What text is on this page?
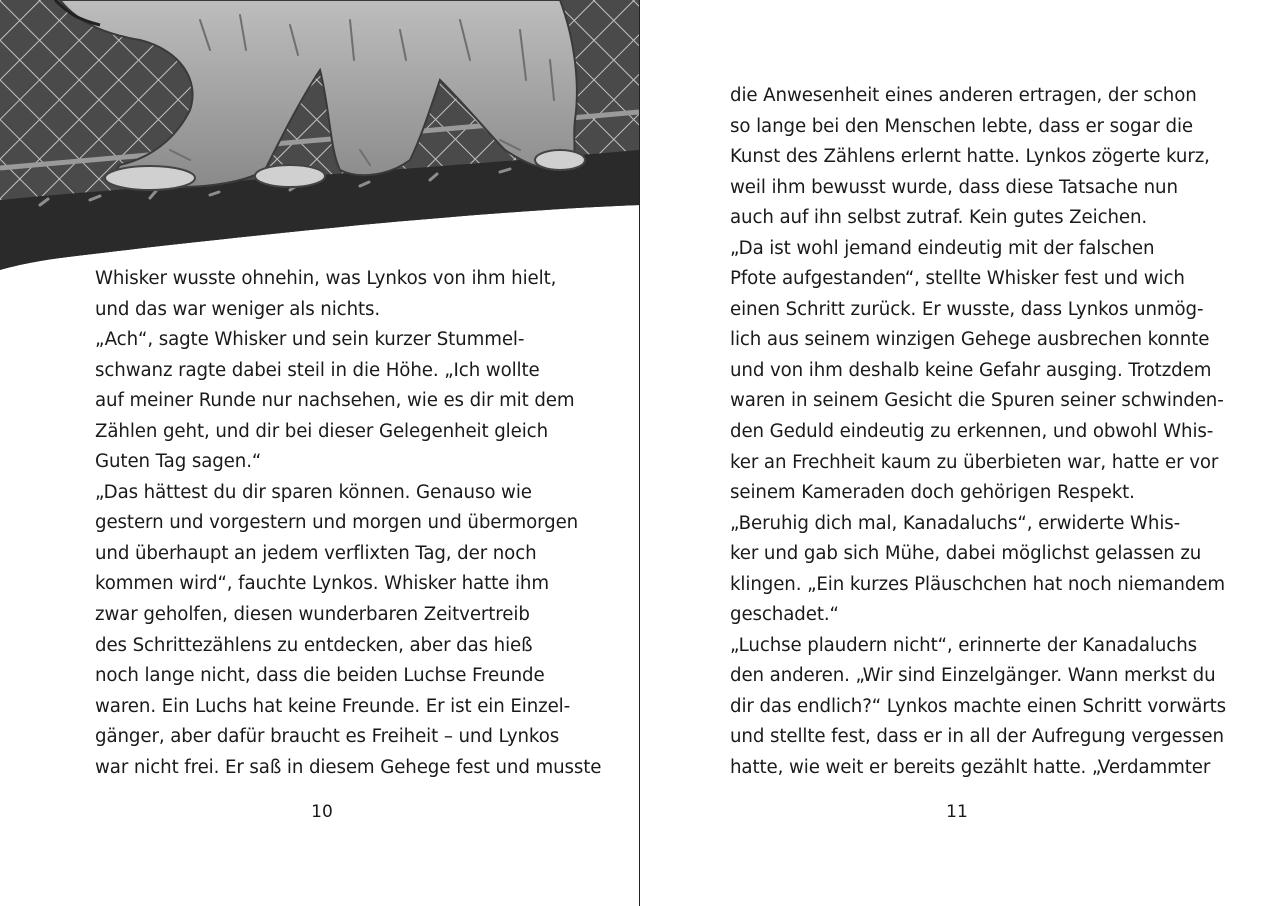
Whisker wusste ohnehin, was Lynkos von ihm hielt,
und das war weniger als nichts.
„Ach“, sagte Whisker und sein kurzer Stummel-
schwanz ragte dabei steil in die Höhe. „Ich wollte
auf meiner Runde nur nachsehen, wie es dir mit dem
Zählen geht, und dir bei dieser Gelegenheit gleich
Guten Tag sagen.“
„Das hättest du dir sparen können. Genauso wie
gestern und vorgestern und morgen und übermorgen
und überhaupt an jedem verflixten Tag, der noch
kommen wird“, fauchte Lynkos. Whisker hatte ihm
zwar geholfen, diesen wunderbaren Zeitvertreib
des Schrittezählens zu entdecken, aber das hieß
noch lange nicht, dass die beiden Luchse Freunde
waren. Ein Luchs hat keine Freunde. Er ist ein Einzel-
gänger, aber dafür braucht es Freiheit – und Lynkos
war nicht frei. Er saß in diesem Gehege fest und musste
10
die Anwesenheit eines anderen ertragen, der schon
so lange bei den Menschen lebte, dass er sogar die
Kunst des Zählens erlernt hatte. Lynkos zögerte kurz,
weil ihm bewusst wurde, dass diese Tatsache nun
auch auf ihn selbst zutraf. Kein gutes Zeichen.
„Da ist wohl jemand eindeutig mit der falschen
Pfote aufgestanden“, stellte Whisker fest und wich
einen Schritt zurück. Er wusste, dass Lynkos unmög-
lich aus seinem winzigen Gehege ausbrechen konnte
und von ihm deshalb keine Gefahr ausging. Trotzdem
waren in seinem Gesicht die Spuren seiner schwinden-
den Geduld eindeutig zu erkennen, und obwohl Whis-
ker an Frechheit kaum zu überbieten war, hatte er vor
seinem Kameraden doch gehörigen Respekt.
„Beruhig dich mal, Kanadaluchs“, erwiderte Whis-
ker und gab sich Mühe, dabei möglichst gelassen zu
klingen. „Ein kurzes Pläuschchen hat noch niemandem
geschadet.“
„Luchse plaudern nicht“, erinnerte der Kanadaluchs
den anderen. „Wir sind Einzelgänger. Wann merkst du
dir das endlich?“ Lynkos machte einen Schritt vorwärts
und stellte fest, dass er in all der Aufregung vergessen
hatte, wie weit er bereits gezählt hatte. „Verdammter
11
